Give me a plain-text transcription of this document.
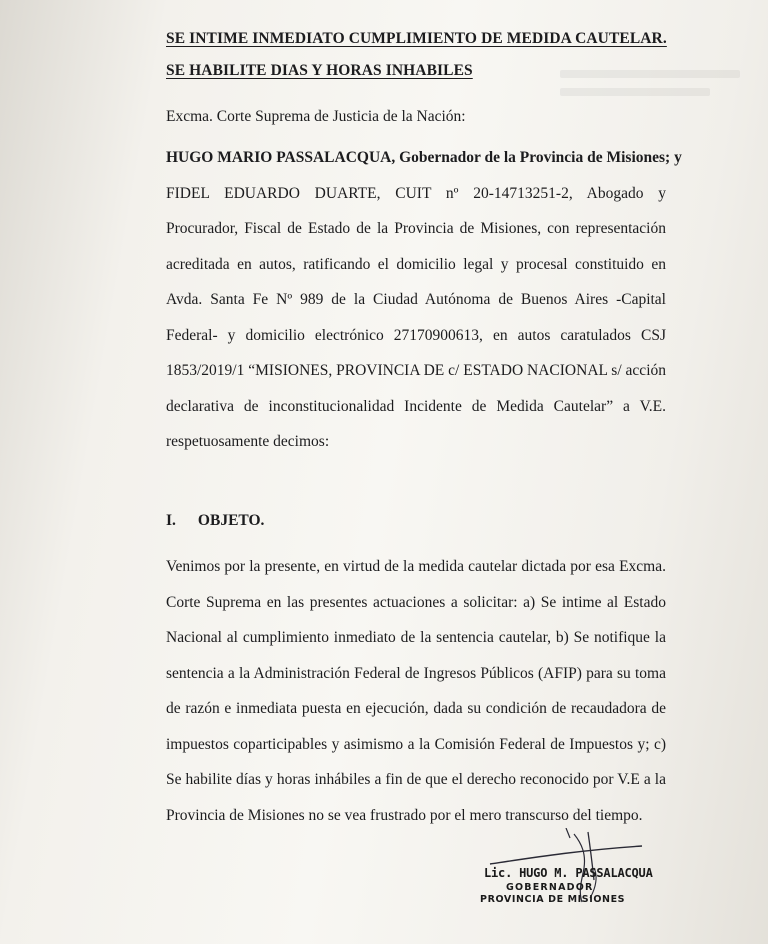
SE INTIME INMEDIATO CUMPLIMIENTO DE MEDIDA CAUTELAR.
SE HABILITE DIAS Y HORAS INHABILES
Excma. Corte Suprema de Justicia de la Nación:
HUGO MARIO PASSALACQUA, Gobernador de la Provincia de Misiones; y
FIDEL EDUARDO DUARTE, CUIT nº 20-14713251-2, Abogado y
Procurador, Fiscal de Estado de la Provincia de Misiones, con representación
acreditada en autos, ratificando el domicilio legal y procesal constituido en
Avda. Santa Fe Nº 989 de la Ciudad Autónoma de Buenos Aires -Capital
Federal- y domicilio electrónico 27170900613, en autos caratulados CSJ
1853/2019/1 “MISIONES, PROVINCIA DE c/ ESTADO NACIONAL s/ acción
declarativa de inconstitucionalidad Incidente de Medida Cautelar” a V.E.
respetuosamente decimos:
I. OBJETO.
Venimos por la presente, en virtud de la medida cautelar dictada por esa Excma.
Corte Suprema en las presentes actuaciones a solicitar: a) Se intime al Estado
Nacional al cumplimiento inmediato de la sentencia cautelar, b) Se notifique la
sentencia a la Administración Federal de Ingresos Públicos (AFIP) para su toma
de razón e inmediata puesta en ejecución, dada su condición de recaudadora de
impuestos coparticipables y asimismo a la Comisión Federal de Impuestos y; c)
Se habilite días y horas inhábiles a fin de que el derecho reconocido por V.E a la
Provincia de Misiones no se vea frustrado por el mero transcurso del tiempo.
Lic. HUGO M. PASSALACQUA
GOBERNADOR
PROVINCIA DE MISIONES
